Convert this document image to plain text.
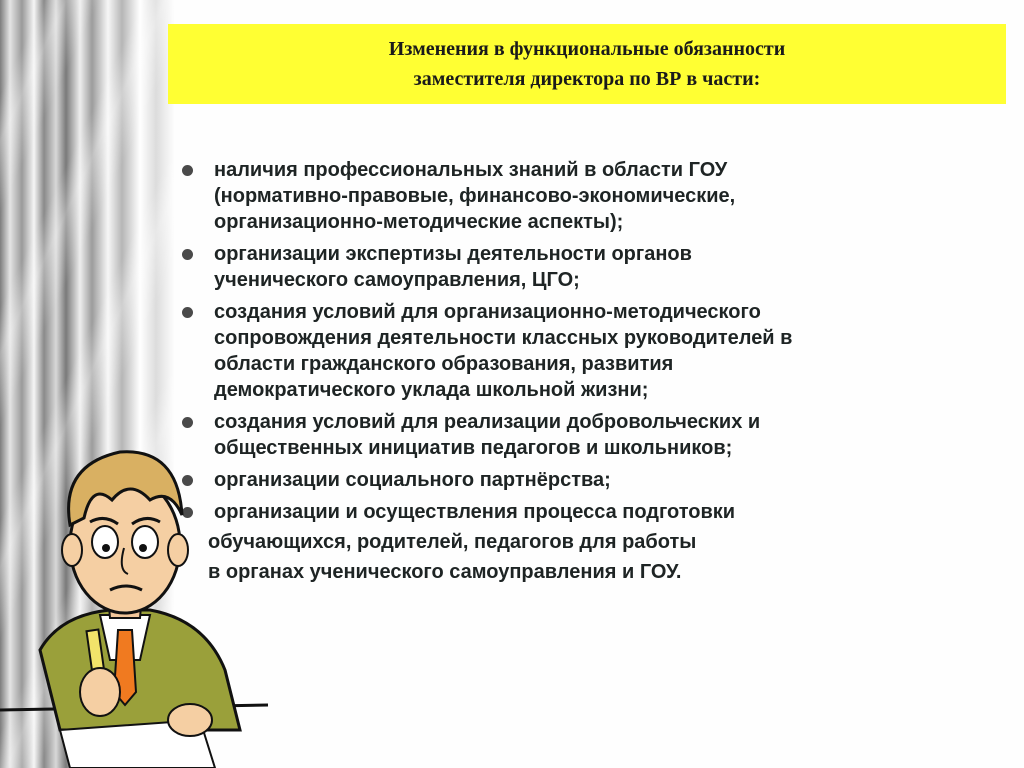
Изменения в функциональные обязанности
заместителя директора по ВР в части:
наличия профессиональных знаний в области ГОУ
(нормативно-правовые, финансово-экономические,
организационно-методические аспекты);
организации экспертизы деятельности органов
ученического самоуправления, ЦГО;
создания условий для организационно-методического
сопровождения деятельности классных руководителей в
области гражданского образования, развития
демократического уклада школьной жизни;
создания условий для реализации добровольческих и
общественных инициатив педагогов и школьников;
организации социального партнёрства;
организации и осуществления процесса подготовки
обучающихся, родителей, педагогов для работы
в органах ученического самоуправления и ГОУ.
